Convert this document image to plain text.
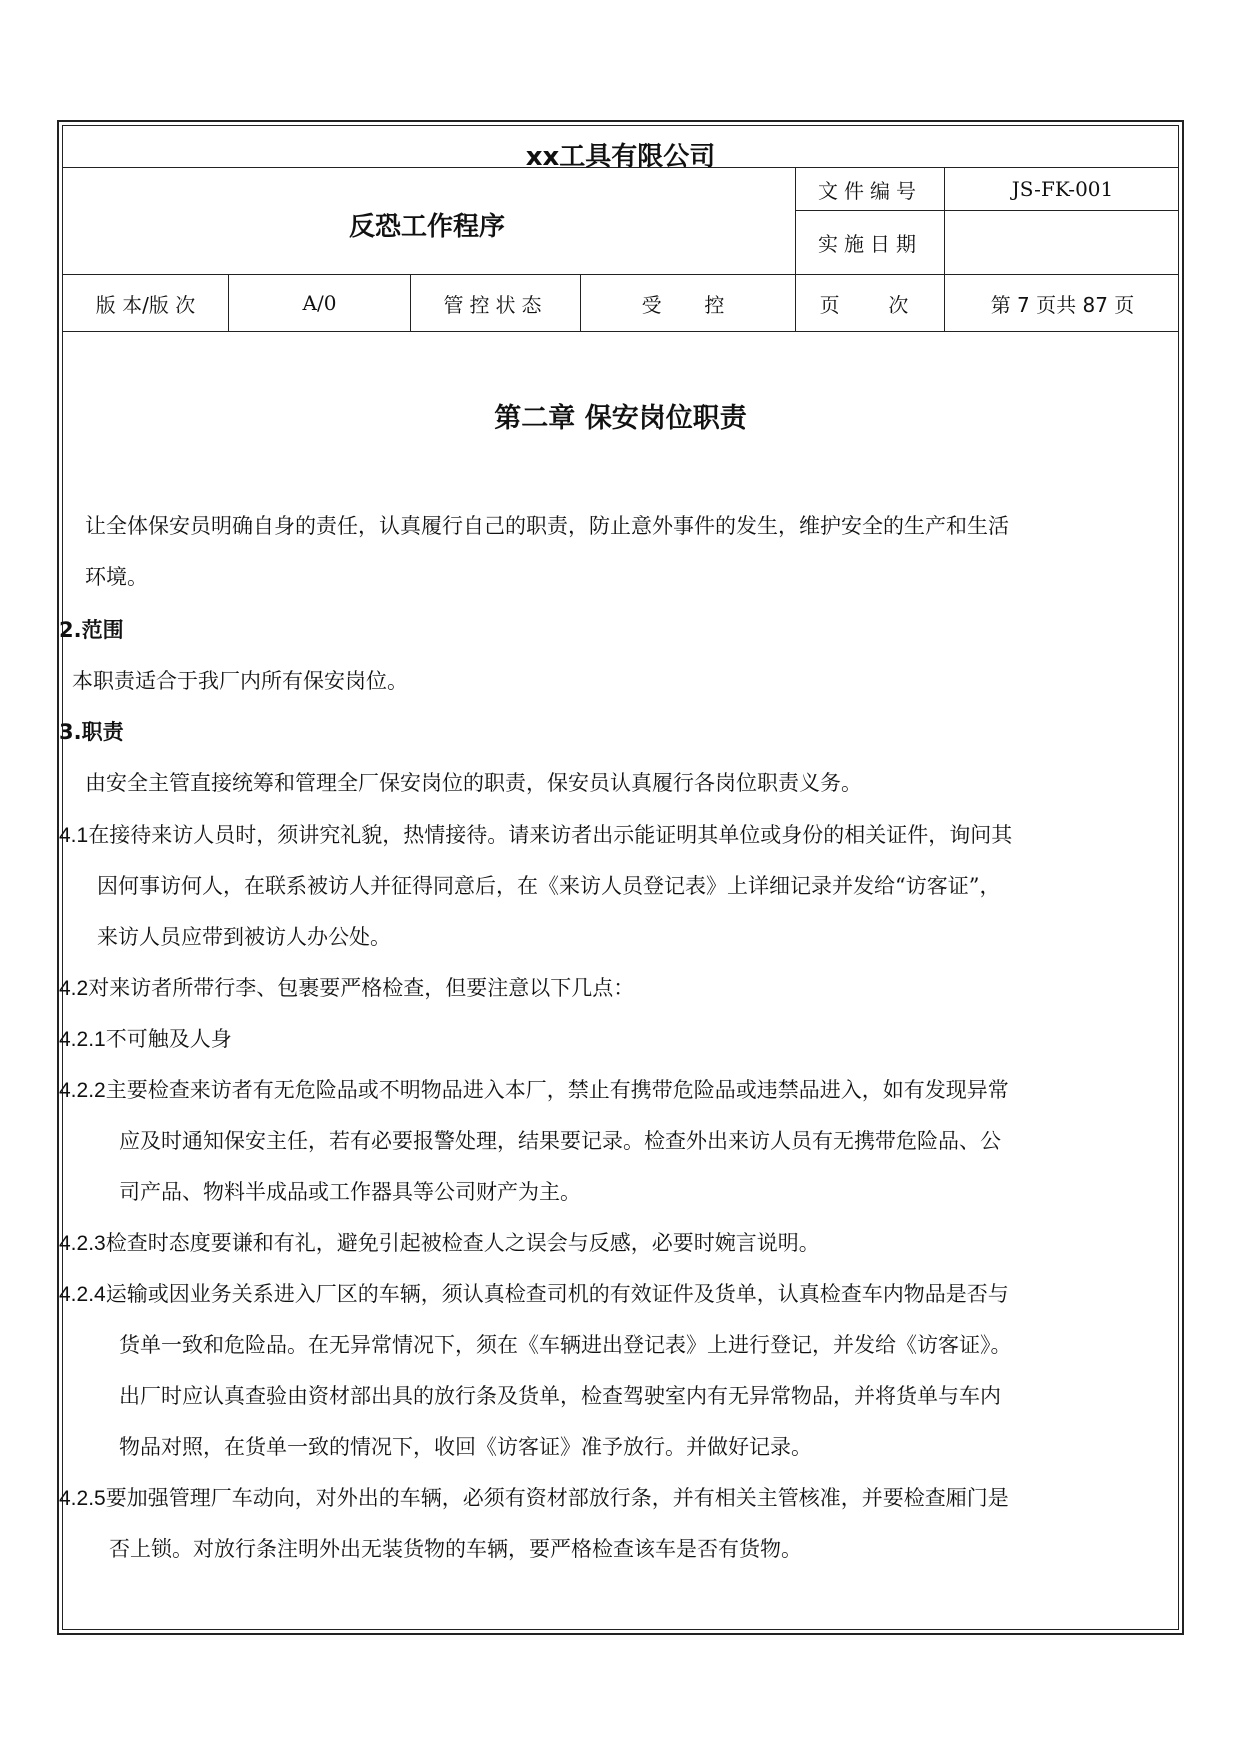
xx工具有限公司
反恐工作程序
文件编号	JS-FK-001
实施日期
版 本/版 次	A/0	管控状态	受  控	页  次	第 7 页共 87 页
第二章 保安岗位职责
让全体保安员明确自身的责任，认真履行自己的职责，防止意外事件的发生，维护安全的生产和生活
环境。
2.范围
本职责适合于我厂内所有保安岗位。
3.职责
由安全主管直接统筹和管理全厂保安岗位的职责，保安员认真履行各岗位职责义务。
4.1在接待来访人员时，须讲究礼貌，热情接待。请来访者出示能证明其单位或身份的相关证件，询问其
因何事访何人，在联系被访人并征得同意后，在《来访人员登记表》上详细记录并发给“访客证”，
来访人员应带到被访人办公处。
4.2对来访者所带行李、包裹要严格检查，但要注意以下几点：
4.2.1不可触及人身
4.2.2主要检查来访者有无危险品或不明物品进入本厂，禁止有携带危险品或违禁品进入，如有发现异常
应及时通知保安主任，若有必要报警处理，结果要记录。检查外出来访人员有无携带危险品、公
司产品、物料半成品或工作器具等公司财产为主。
4.2.3检查时态度要谦和有礼，避免引起被检查人之误会与反感，必要时婉言说明。
4.2.4运输或因业务关系进入厂区的车辆，须认真检查司机的有效证件及货单，认真检查车内物品是否与
货单一致和危险品。在无异常情况下，须在《车辆进出登记表》上进行登记，并发给《访客证》。
出厂时应认真查验由资材部出具的放行条及货单，检查驾驶室内有无异常物品，并将货单与车内
物品对照，在货单一致的情况下，收回《访客证》准予放行。并做好记录。
4.2.5要加强管理厂车动向，对外出的车辆，必须有资材部放行条，并有相关主管核准，并要检查厢门是
否上锁。对放行条注明外出无装货物的车辆，要严格检查该车是否有货物。
